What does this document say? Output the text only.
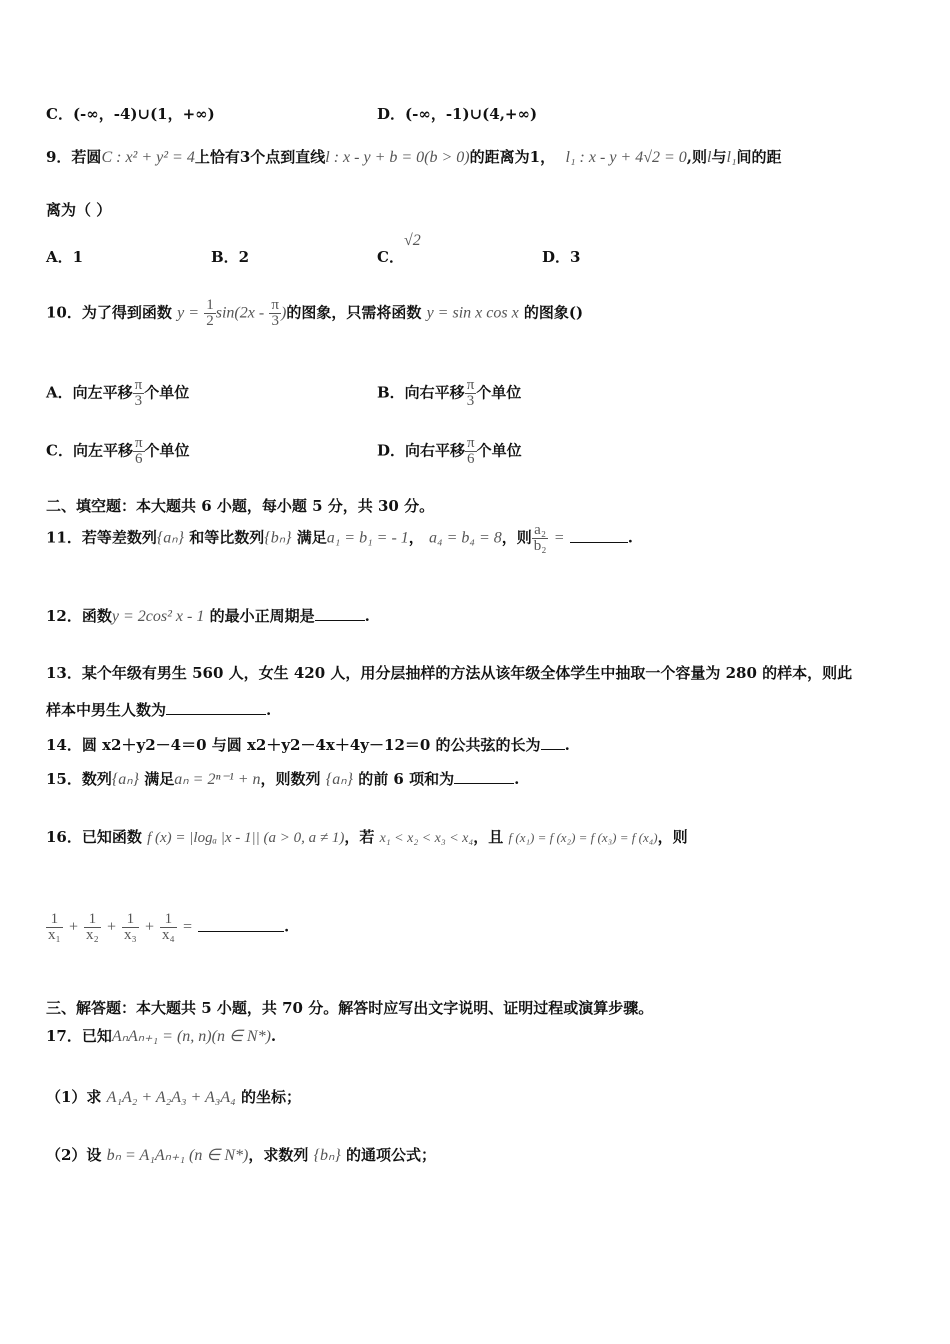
C．(-∞，-4)∪(1，+∞)	D．(-∞，-1)∪(4,+∞)
9．若圆C : x² + y² = 4上恰有3个点到直线l : x - y + b = 0(b > 0)的距离为1， l₁ : x - y + 4√2 = 0,则l与l₁间的距
离为（ ）
A．1	B．2	C．√2
D．3
10．为了得到函数 $y = \frac{1}{2} \sin(2x - \frac{\pi}{3}$ )的图象，只需将函数 y = sin x cos x 的图象()
A．向左平移 $\frac{\pi}{3}$ 个单位	B．向右平移 $\frac{\pi}{3}$ 个单位
C．向左平移 $\frac{\pi}{6}$ 个单位	D．向右平移 $\frac{\pi}{6}$ 个单位
二、填空题：本大题共 6 小题，每小题 5 分，共 30 分。
11．若等差数列{aₙ} 和等比数列{bₙ} 满足a₁ = b₁ = - 1， a₄ = b₄ = 8，则 $\frac{\text{a₂}}{\text{b₂}}$ =	.
12．函数y = 2cos² x - 1 的最小正周期是	.
13．某个年级有男生 560 人，女生 420 人，用分层抽样的方法从该年级全体学生中抽取一个容量为 280 的样本，则此
样本中男生人数为	.
14．圆 x2＋y2－4＝0 与圆 x2＋y2－4x＋4y－12＝0 的公共弦的长为 .
15．数列{aₙ} 满足aₙ = 2ⁿ⁻¹ + n，则数列 {aₙ} 的前 6 项和为	.
16．已知函数 f (x) = |logₐ |x - 1|| (a > 0, a ≠ 1)，若 x₁ < x₂ < x₃ < x₄，且 f (x₁) = f (x₂) = f (x₃) = f (x₄)，则
$\frac{1}{\text{x₁}} + \frac{1}{\text{x₂}} + \frac{1}{\text{x₃}} + \frac{1}{\text{x₄}}$ =	.
三、解答题：本大题共 5 小题，共 70 分。解答时应写出文字说明、证明过程或演算步骤。
17．已知AₙAₙ₊₁ = (n, n)(n ∈ N*).
（1）求 A₁A₂ + A₂A₃ + A₃A₄ 的坐标；
（2）设 bₙ = A₁Aₙ₊₁ (n ∈ N*)，求数列 {bₙ} 的通项公式；
